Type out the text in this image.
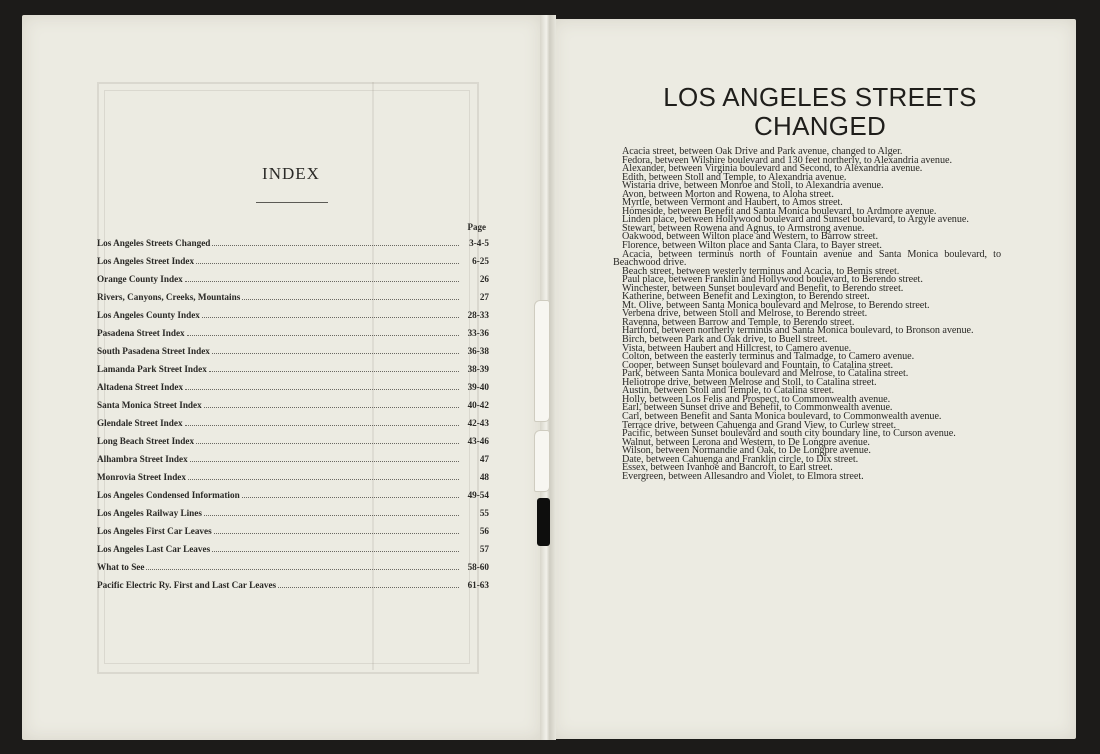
INDEX
Page
Los Angeles Streets Changed	3-4-5
Los Angeles Street Index	6-25
Orange County Index	26
Rivers, Canyons, Creeks, Mountains	27
Los Angeles County Index	28-33
Pasadena Street Index	33-36
South Pasadena Street Index	36-38
Lamanda Park Street Index	38-39
Altadena Street Index	39-40
Santa Monica Street Index	40-42
Glendale Street Index	42-43
Long Beach Street Index	43-46
Alhambra Street Index	47
Monrovia Street Index	48
Los Angeles Condensed Information	49-54
Los Angeles Railway Lines	55
Los Angeles First Car Leaves	56
Los Angeles Last Car Leaves	57
What to See	58-60
Pacific Electric Ry. First and Last Car Leaves	61-63
LOS ANGELES STREETS
CHANGED

Acacia street, between Oak Drive and Park avenue, changed to Alger.

Fedora, between Wilshire boulevard and 130 feet northerly, to Alexandria avenue.

Alexander, between Virginia boulevard and Second, to Alexandria avenue.

Edith, between Stoll and Temple, to Alexandria avenue.

Wistaria drive, between Monroe and Stoll, to Alexandria avenue.

Avon, between Morton and Rowena, to Aloha street.

Myrtle, between Vermont and Haubert, to Amos street.

Homeside, between Benefit and Santa Monica boulevard, to Ardmore avenue.

Linden place, between Hollywood boulevard and Sunset boulevard, to Argyle avenue.

Stewart, between Rowena and Agnus, to Armstrong avenue.

Oakwood, between Wilton place and Western, to Barrow street.

Florence, between Wilton place and Santa Clara, to Bayer street.

Acacia, between terminus north of Fountain avenue and Santa Monica boulevard, to Beachwood drive.

Beach street, between westerly terminus and Acacia, to Bemis street.

Paul place, between Franklin and Hollywood boulevard, to Berendo street.

Winchester, between Sunset boulevard and Benefit, to Berendo street.

Katherine, between Benefit and Lexington, to Berendo street.

Mt. Olive, between Santa Monica boulevard and Melrose, to Berendo street.

Verbena drive, between Stoll and Melrose, to Berendo street.

Ravenna, between Barrow and Temple, to Berendo street.

Hartford, between northerly terminus and Santa Monica boulevard, to Bronson avenue.

Birch, between Park and Oak drive, to Buell street.

Vista, between Haubert and Hillcrest, to Camero avenue.

Colton, between the easterly terminus and Talmadge, to Camero avenue.

Cooper, between Sunset boulevard and Fountain, to Catalina street.

Park, between Santa Monica boulevard and Melrose, to Catalina street.

Heliotrope drive, between Melrose and Stoll, to Catalina street.

Austin, between Stoll and Temple, to Catalina street.

Holly, between Los Felis and Prospect, to Commonwealth avenue.

Earl, between Sunset drive and Benefit, to Commonwealth avenue.

Carl, between Benefit and Santa Monica boulevard, to Commonwealth avenue.

Terrace drive, between Cahuenga and Grand View, to Curlew street.

Pacific, between Sunset boulevard and south city boundary line, to Curson avenue.

Walnut, between Lerona and Western, to De Longpre avenue.

Wilson, between Normandie and Oak, to De Longpre avenue.

Date, between Cahuenga and Franklin circle, to Dix street.

Essex, between Ivanhoe and Bancroft, to Earl street.

Evergreen, between Allesandro and Violet, to Elmora street.
